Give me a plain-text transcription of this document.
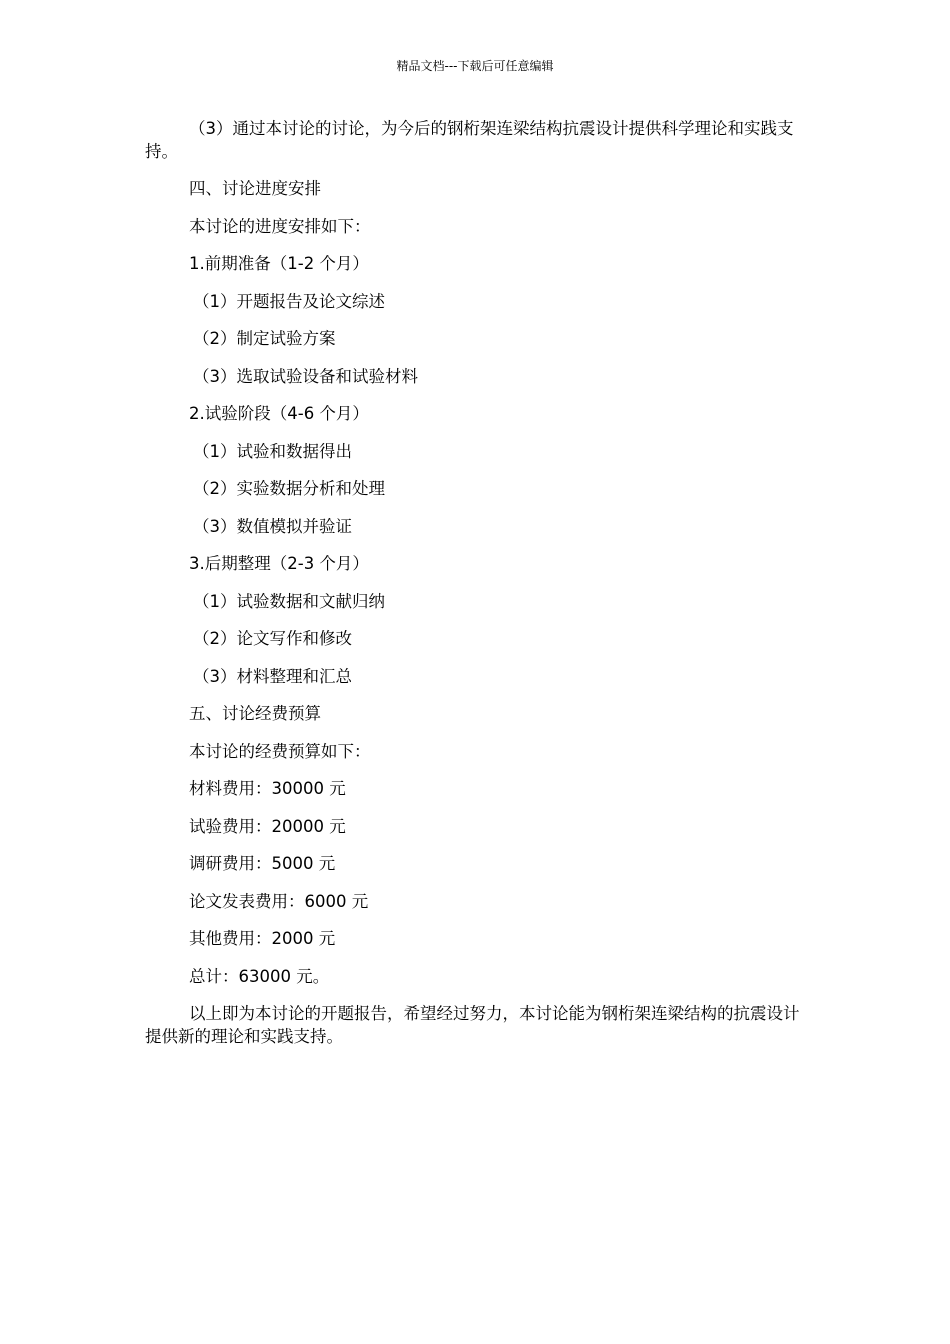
精品文档---下载后可任意编辑

（3）通过本讨论的讨论，为今后的钢桁架连梁结构抗震设计提供科学理论和实践支持。

四、讨论进度安排
本讨论的进度安排如下：
1.前期准备（1-2 个月）
（1）开题报告及论文综述
（2）制定试验方案
（3）选取试验设备和试验材料
2.试验阶段（4-6 个月）
（1）试验和数据得出
（2）实验数据分析和处理
（3）数值模拟并验证
3.后期整理（2-3 个月）
（1）试验数据和文献归纳
（2）论文写作和修改
（3）材料整理和汇总
五、讨论经费预算
本讨论的经费预算如下：
材料费用：30000 元
试验费用：20000 元
调研费用：5000 元
论文发表费用：6000 元
其他费用：2000 元
总计：63000 元。

以上即为本讨论的开题报告，希望经过努力，本讨论能为钢桁架连梁结构的抗震设计提供新的理论和实践支持。
